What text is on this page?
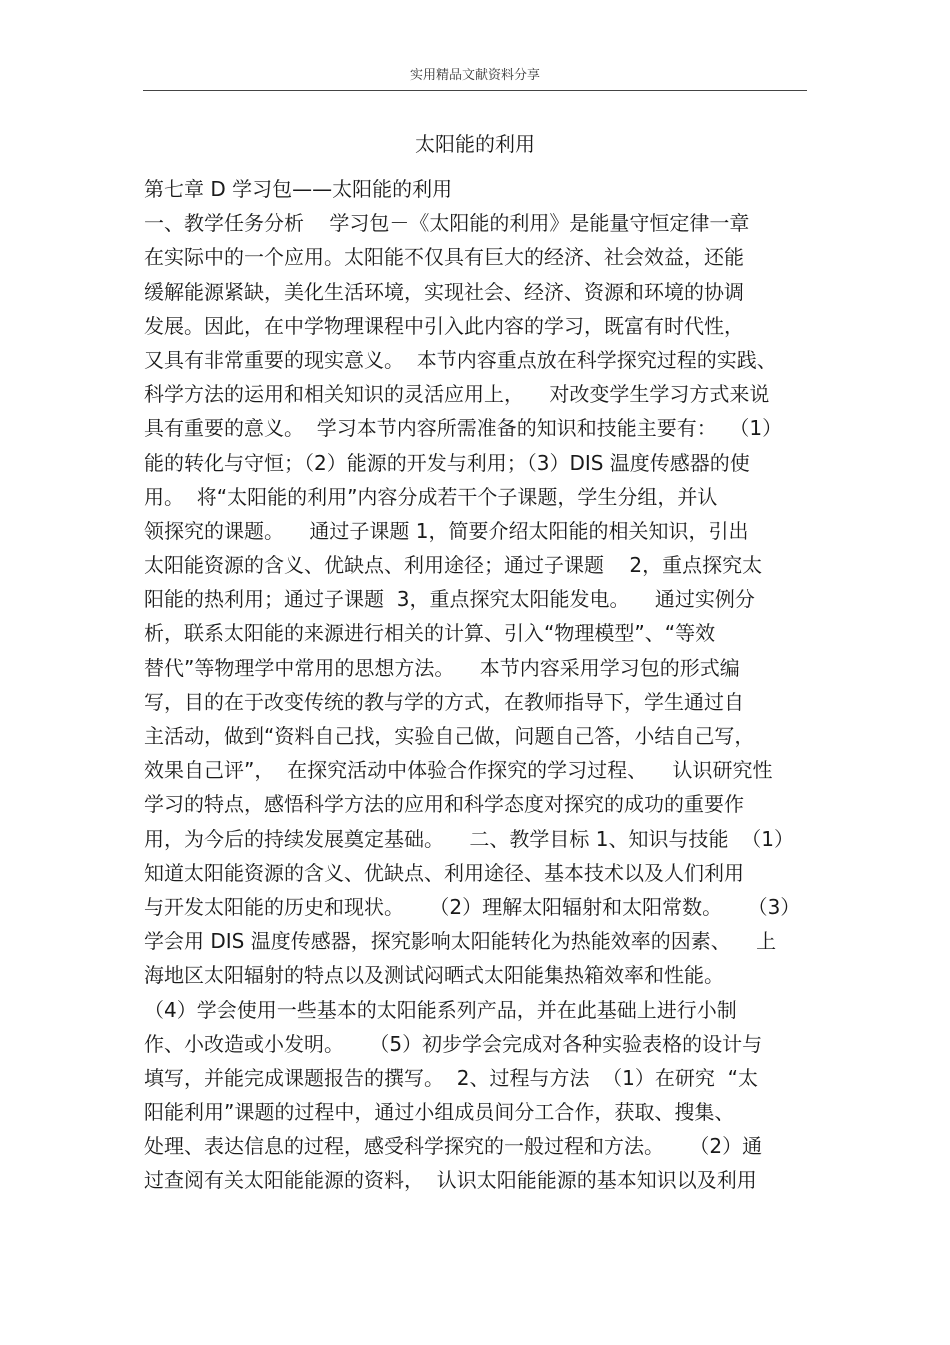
实用精品文献资料分享
太阳能的利用
第七章 D 学习包——太阳能的利用
一、教学任务分析    学习包－《太阳能的利用》是能量守恒定律一章
在实际中的一个应用。太阳能不仅具有巨大的经济、社会效益，还能
缓解能源紧缺，美化生活环境，实现社会、经济、资源和环境的协调
发展。因此，在中学物理课程中引入此内容的学习，既富有时代性，
又具有非常重要的现实意义。  本节内容重点放在科学探究过程的实践、
科学方法的运用和相关知识的灵活应用上，    对改变学生学习方式来说
具有重要的意义。  学习本节内容所需准备的知识和技能主要有：  （1）
能的转化与守恒；（2）能源的开发与利用；（3）DIS 温度传感器的使
用。  将“太阳能的利用”内容分成若干个子课题，学生分组，并认
领探究的课题。    通过子课题 1，简要介绍太阳能的相关知识，引出
太阳能资源的含义、优缺点、利用途径；通过子课题    2，重点探究太
阳能的热利用；通过子课题  3，重点探究太阳能发电。    通过实例分
析，联系太阳能的来源进行相关的计算、引入“物理模型”、“等效
替代”等物理学中常用的思想方法。    本节内容采用学习包的形式编
写，目的在于改变传统的教与学的方式，在教师指导下，学生通过自
主活动，做到“资料自己找，实验自己做，问题自己答，小结自己写，
效果自己评”，  在探究活动中体验合作探究的学习过程、    认识研究性
学习的特点，感悟科学方法的应用和科学态度对探究的成功的重要作
用，为今后的持续发展奠定基础。    二、教学目标 1、知识与技能  （1）
知道太阳能资源的含义、优缺点、利用途径、基本技术以及人们利用
与开发太阳能的历史和现状。    （2）理解太阳辐射和太阳常数。    （3）
学会用 DIS 温度传感器，探究影响太阳能转化为热能效率的因素、    上
海地区太阳辐射的特点以及测试闷晒式太阳能集热箱效率和性能。
（4）学会使用一些基本的太阳能系列产品，并在此基础上进行小制
作、小改造或小发明。    （5）初步学会完成对各种实验表格的设计与
填写，并能完成课题报告的撰写。  2、过程与方法  （1）在研究  “太
阳能利用”课题的过程中，通过小组成员间分工合作，获取、搜集、
处理、表达信息的过程，感受科学探究的一般过程和方法。    （2）通
过查阅有关太阳能能源的资料，  认识太阳能能源的基本知识以及利用
